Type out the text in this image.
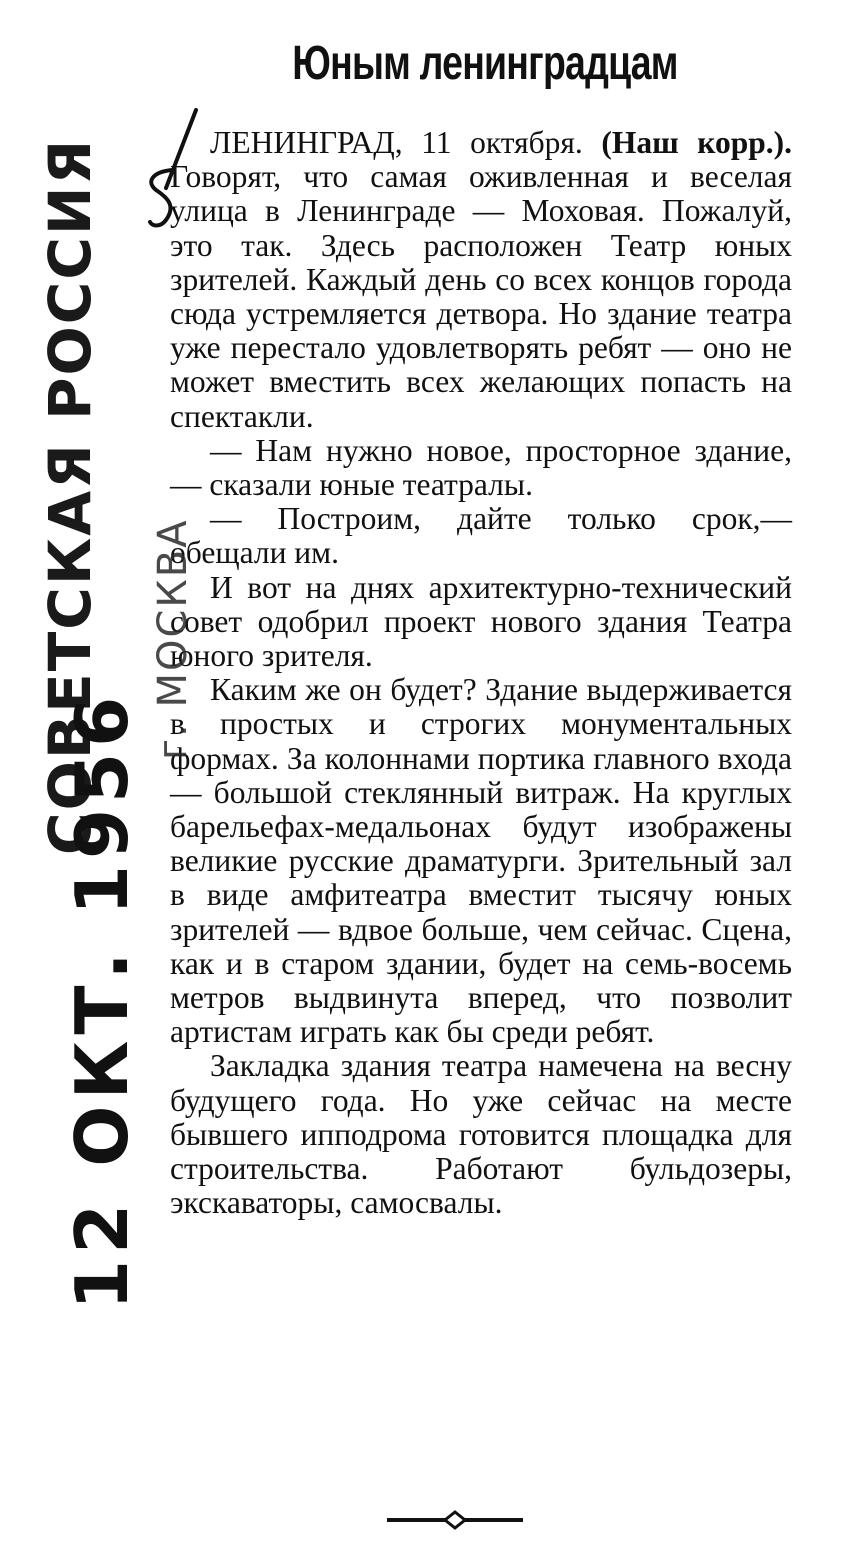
Юным ленинградцам

ЛЕНИНГРАД, 11 октября. (Наш корр.). Говорят, что самая оживленная и веселая улица в Ленинграде — Моховая. Пожалуй, это так. Здесь расположен Театр юных зрителей. Каждый день со всех концов города сюда устремляется детвора. Но здание театра уже перестало удовлетворять ребят — оно не может вместить всех желающих попасть на спектакли.

— Нам нужно новое, просторное здание,— сказали юные театралы.

— Построим, дайте только срок,— обещали им.

И вот на днях архитектурно-технический совет одобрил проект нового здания Театра юного зрителя.

Каким же он будет? Здание выдерживается в простых и строгих монументальных формах. За колоннами портика главного входа — большой стеклянный витраж. На круглых барельефах-медальонах будут изображены великие русские драматурги. Зрительный зал в виде амфитеатра вместит тысячу юных зрителей — вдвое больше, чем сейчас. Сцена, как и в старом здании, будет на семь-восемь метров выдвинута вперед, что позволит артистам играть как бы среди ребят.

Закладка здания театра намечена на весну будущего года. Но уже сейчас на месте бывшего ипподрома готовится площадка для строительства. Работают бульдозеры, экскаваторы, самосвалы.

СОВЕТСКАЯ РОССИЯ г. МОСКВА
12 ОКТ. 1956
